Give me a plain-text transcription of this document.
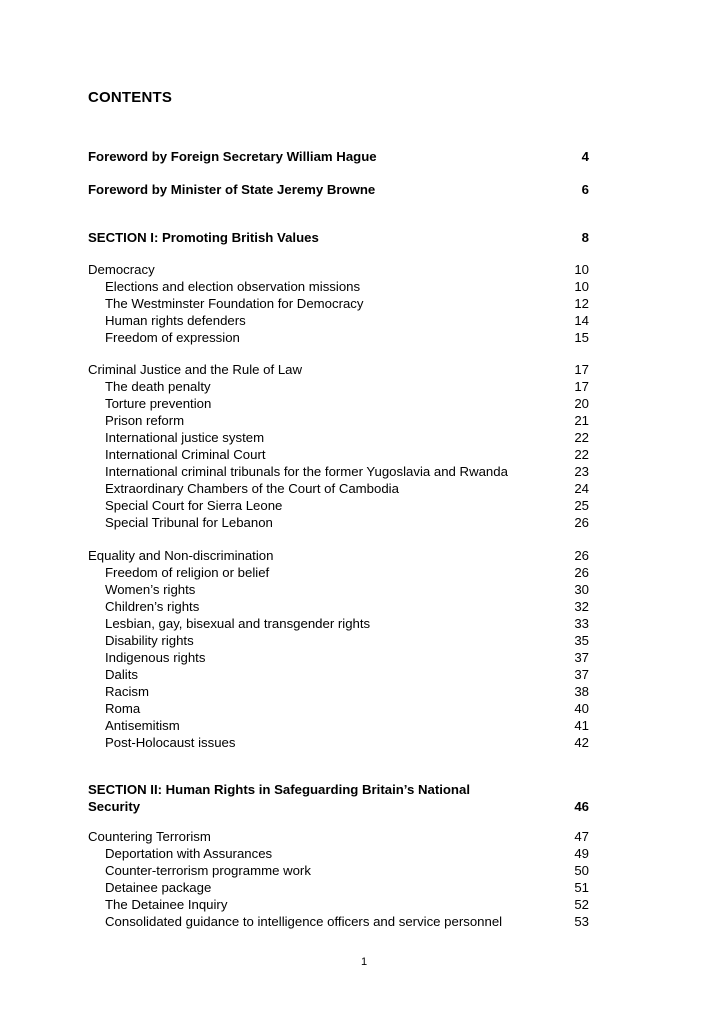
CONTENTS
Foreword by Foreign Secretary William Hague	4
Foreword by Minister of State Jeremy Browne	6
SECTION I: Promoting British Values	8
Democracy	10
Elections and election observation missions	10
The Westminster Foundation for Democracy	12
Human rights defenders	14
Freedom of expression	15
Criminal Justice and the Rule of Law	17
The death penalty	17
Torture prevention	20
Prison reform	21
International justice system	22
International Criminal Court	22
International criminal tribunals for the former Yugoslavia and Rwanda	23
Extraordinary Chambers of the Court of Cambodia	24
Special Court for Sierra Leone	25
Special Tribunal for Lebanon	26
Equality and Non-discrimination	26
Freedom of religion or belief	26
Women’s rights	30
Children’s rights	32
Lesbian, gay, bisexual and transgender rights	33
Disability rights	35
Indigenous rights	37
Dalits	37
Racism	38
Roma	40
Antisemitism	41
Post-Holocaust issues	42
SECTION II: Human Rights in Safeguarding Britain’s National
Security	46
Countering Terrorism	47
Deportation with Assurances	49
Counter-terrorism programme work	50
Detainee package	51
The Detainee Inquiry	52
Consolidated guidance to intelligence officers and service personnel	53
1
